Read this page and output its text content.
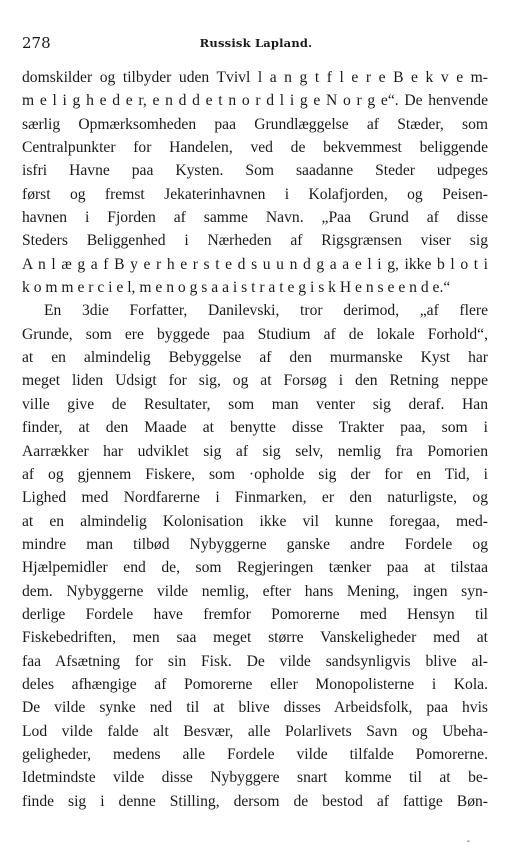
278	Russisk Lapland.
domskilder og tilbyder uden Tvivl l a n g t f l e r e B e k v e m-
m e l i g h e d e r, e n d d e t n o r d l i g e N o r g e“. De henvende
særlig Opmærksomheden paa Grundlæggelse af Stæder, som
Centralpunkter for Handelen, ved de bekvemmest beliggende
isfri Havne paa Kysten. Som saadanne Steder udpeges
først og fremst Jekaterinhavnen i Kolafjorden, og Peisen-
havnen i Fjorden af samme Navn. „Paa Grund af disse
Steders Beliggenhed i Nærheden af Rigsgrænsen viser sig
A n l æ g a f B y e r h e r s t e d s u u n d g a a e l i g, ikke b l o t i
k o m m e r c i e l, m e n o g s a a i s t r a t e g i s k H e n s e e n d e.“
En 3die Forfatter, Danilevski, tror derimod, „af flere
Grunde, som ere byggede paa Studium af de lokale Forhold“,
at en almindelig Bebyggelse af den murmanske Kyst har
meget liden Udsigt for sig, og at Forsøg i den Retning neppe
ville give de Resultater, som man venter sig deraf. Han
finder, at den Maade at benytte disse Trakter paa, som i
Aarrækker har udviklet sig af sig selv, nemlig fra Pomorien
af og gjennem Fiskere, som ·opholde sig der for en Tid, i
Lighed med Nordfarerne i Finmarken, er den naturligste, og
at en almindelig Kolonisation ikke vil kunne foregaa, med-
mindre man tilbød Nybyggerne ganske andre Fordele og
Hjælpemidler end de, som Regjeringen tænker paa at tilstaa
dem. Nybyggerne vilde nemlig, efter hans Mening, ingen syn-
derlige Fordele have fremfor Pomorerne med Hensyn til
Fiskebedriften, men saa meget større Vanskeligheder med at
faa Afsætning for sin Fisk. De vilde sandsynligvis blive al-
deles afhængige af Pomorerne eller Monopolisterne i Kola.
De vilde synke ned til at blive disses Arbeidsfolk, paa hvis
Lod vilde falde alt Besvær, alle Polarlivets Savn og Ubeha-
geligheder, medens alle Fordele vilde tilfalde Pomorerne.
Idetmindste vilde disse Nybyggere snart komme til at be-
finde sig i denne Stilling, dersom de bestod af fattige Bøn-
-
